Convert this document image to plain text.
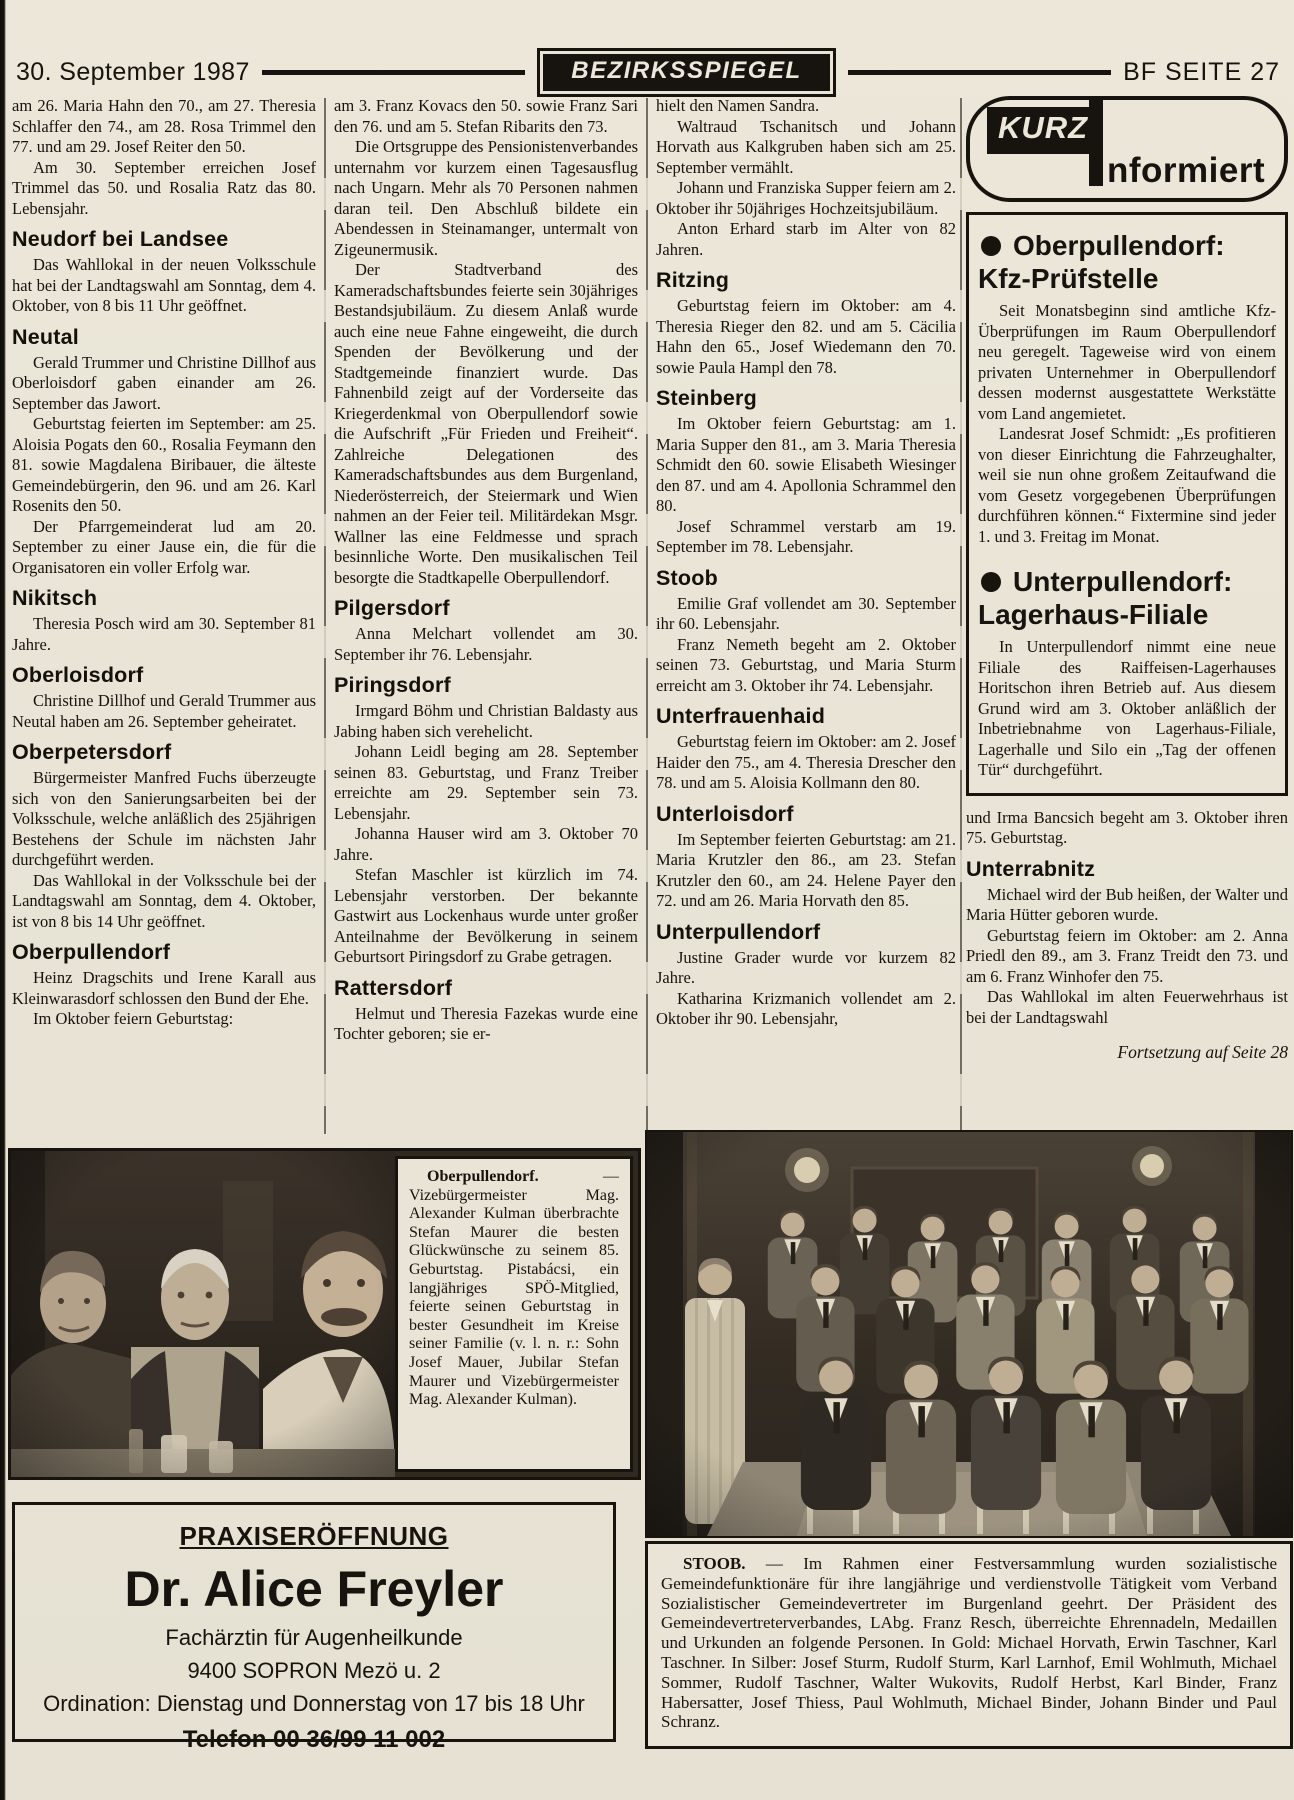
30. September 1987	BEZIRKSSPIEGEL	BF SEITE 27

am 26. Maria Hahn den 70., am 27. Theresia Schlaffer den 74., am 28. Rosa Trimmel den 77. und am 29. Josef Reiter den 50.

Am 30. September erreichen Josef Trimmel das 50. und Rosalia Ratz das 80. Lebensjahr.

Neudorf bei Landsee

Das Wahllokal in der neuen Volksschule hat bei der Landtagswahl am Sonntag, dem 4. Oktober, von 8 bis 11 Uhr geöffnet.

Neutal

Gerald Trummer und Christine Dillhof aus Oberloisdorf gaben einander am 26. September das Jawort.

Geburtstag feierten im September: am 25. Aloisia Pogats den 60., Rosalia Feymann den 81. sowie Magdalena Biribauer, die älteste Gemeindebürgerin, den 96. und am 26. Karl Rosenits den 50.

Der Pfarrgemeinderat lud am 20. September zu einer Jause ein, die für die Organisatoren ein voller Erfolg war.

Nikitsch

Theresia Posch wird am 30. September 81 Jahre.

Oberloisdorf

Christine Dillhof und Gerald Trummer aus Neutal haben am 26. September geheiratet.

Oberpetersdorf

Bürgermeister Manfred Fuchs überzeugte sich von den Sanierungsarbeiten bei der Volksschule, welche anläßlich des 25jährigen Bestehens der Schule im nächsten Jahr durchgeführt werden.

Das Wahllokal in der Volksschule bei der Landtagswahl am Sonntag, dem 4. Oktober, ist von 8 bis 14 Uhr geöffnet.

Oberpullendorf

Heinz Dragschits und Irene Karall aus Kleinwarasdorf schlossen den Bund der Ehe.

Im Oktober feiern Geburtstag:

am 3. Franz Kovacs den 50. sowie Franz Sari den 76. und am 5. Stefan Ribarits den 73.

Die Ortsgruppe des Pensionistenverbandes unternahm vor kurzem einen Tagesausflug nach Ungarn. Mehr als 70 Personen nahmen daran teil. Den Abschluß bildete ein Abendessen in Steinamanger, untermalt von Zigeunermusik.

Der Stadtverband des Kameradschaftsbundes feierte sein 30jähriges Bestandsjubiläum. Zu diesem Anlaß wurde auch eine neue Fahne eingeweiht, die durch Spenden der Bevölkerung und der Stadtgemeinde finanziert wurde. Das Fahnenbild zeigt auf der Vorderseite das Kriegerdenkmal von Oberpullendorf sowie die Aufschrift „Für Frieden und Freiheit“. Zahlreiche Delegationen des Kameradschaftsbundes aus dem Burgenland, Niederösterreich, der Steiermark und Wien nahmen an der Feier teil. Militärdekan Msgr. Wallner las eine Feldmesse und sprach besinnliche Worte. Den musikalischen Teil besorgte die Stadtkapelle Oberpullendorf.

Pilgersdorf

Anna Melchart vollendet am 30. September ihr 76. Lebensjahr.

Piringsdorf

Irmgard Böhm und Christian Baldasty aus Jabing haben sich verehelicht.

Johann Leidl beging am 28. September seinen 83. Geburtstag, und Franz Treiber erreichte am 29. September sein 73. Lebensjahr.

Johanna Hauser wird am 3. Oktober 70 Jahre.

Stefan Maschler ist kürzlich im 74. Lebensjahr verstorben. Der bekannte Gastwirt aus Lockenhaus wurde unter großer Anteilnahme der Bevölkerung in seinem Geburtsort Piringsdorf zu Grabe getragen.

Rattersdorf

Helmut und Theresia Fazekas wurde eine Tochter geboren; sie er-

hielt den Namen Sandra.

Waltraud Tschanitsch und Johann Horvath aus Kalkgruben haben sich am 25. September vermählt.

Johann und Franziska Supper feiern am 2. Oktober ihr 50jähriges Hochzeitsjubiläum.

Anton Erhard starb im Alter von 82 Jahren.

Ritzing

Geburtstag feiern im Oktober: am 4. Theresia Rieger den 82. und am 5. Cäcilia Hahn den 65., Josef Wiedemann den 70. sowie Paula Hampl den 78.

Steinberg

Im Oktober feiern Geburtstag: am 1. Maria Supper den 81., am 3. Maria Theresia Schmidt den 60. sowie Elisabeth Wiesinger den 87. und am 4. Apollonia Schrammel den 80.

Josef Schrammel verstarb am 19. September im 78. Lebensjahr.

Stoob

Emilie Graf vollendet am 30. September ihr 60. Lebensjahr.

Franz Nemeth begeht am 2. Oktober seinen 73. Geburtstag, und Maria Sturm erreicht am 3. Oktober ihr 74. Lebensjahr.

Unterfrauenhaid

Geburtstag feiern im Oktober: am 2. Josef Haider den 75., am 4. Theresia Drescher den 78. und am 5. Aloisia Kollmann den 80.

Unterloisdorf

Im September feierten Geburtstag: am 21. Maria Krutzler den 86., am 23. Stefan Krutzler den 60., am 24. Helene Payer den 72. und am 26. Maria Horvath den 85.

Unterpullendorf

Justine Grader wurde vor kurzem 82 Jahre.

Katharina Krizmanich vollendet am 2. Oktober ihr 90. Lebensjahr,

KURZ
nformiert
Oberpullendorf:
Kfz-Prüfstelle

Seit Monatsbeginn sind amtliche Kfz-Überprüfungen im Raum Oberpullendorf neu geregelt. Tageweise wird von einem privaten Unternehmer in Oberpullendorf dessen modernst ausgestattete Werkstätte vom Land angemietet.

Landesrat Josef Schmidt: „Es profitieren von dieser Einrichtung die Fahrzeughalter, weil sie nun ohne großem Zeitaufwand die vom Gesetz vorgegebenen Überprüfungen durchführen können.“ Fixtermine sind jeder 1. und 3. Freitag im Monat.

Unterpullendorf:
Lagerhaus-Filiale

In Unterpullendorf nimmt eine neue Filiale des Raiffeisen-Lagerhauses Horitschon ihren Betrieb auf. Aus diesem Grund wird am 3. Oktober anläßlich der Inbetriebnahme von Lagerhaus-Filiale, Lagerhalle und Silo ein „Tag der offenen Tür“ durchgeführt.

und Irma Bancsich begeht am 3. Oktober ihren 75. Geburtstag.

Unterrabnitz

Michael wird der Bub heißen, der Walter und Maria Hütter geboren wurde.

Geburtstag feiern im Oktober: am 2. Anna Priedl den 89., am 3. Franz Treidt den 73. und am 6. Franz Winhofer den 75.

Das Wahllokal im alten Feuerwehrhaus ist bei der Landtagswahl

Fortsetzung auf Seite 28

Oberpullendorf. — Vizebürgermeister Mag. Alexander Kulman überbrachte Stefan Maurer die besten Glückwünsche zu seinem 85. Geburtstag. Pistabácsi, ein langjähriges SPÖ-Mitglied, feierte seinen Geburtstag in bester Gesundheit im Kreise seiner Familie (v. l. n. r.: Sohn Josef Mauer, Jubilar Stefan Maurer und Vizebürgermeister Mag. Alexander Kulman).

PRAXISERÖFFNUNG
Dr. Alice Freyler
Fachärztin für Augenheilkunde
9400 SOPRON Mezö u. 2
Ordination: Dienstag und Donnerstag von 17 bis 18 Uhr
Telefon 00 36/99 11 002

STOOB. — Im Rahmen einer Festversammlung wurden sozialistische Gemeindefunktionäre für ihre langjährige und verdienstvolle Tätigkeit vom Verband Sozialistischer Gemeindevertreter im Burgenland geehrt. Der Präsident des Gemeindevertreterverbandes, LAbg. Franz Resch, überreichte Ehrennadeln, Medaillen und Urkunden an folgende Personen. In Gold: Michael Horvath, Erwin Taschner, Karl Taschner. In Silber: Josef Sturm, Rudolf Sturm, Karl Larnhof, Emil Wohlmuth, Michael Sommer, Rudolf Taschner, Walter Wukovits, Rudolf Herbst, Karl Binder, Franz Habersatter, Josef Thiess, Paul Wohlmuth, Michael Binder, Johann Binder und Paul Schranz.
